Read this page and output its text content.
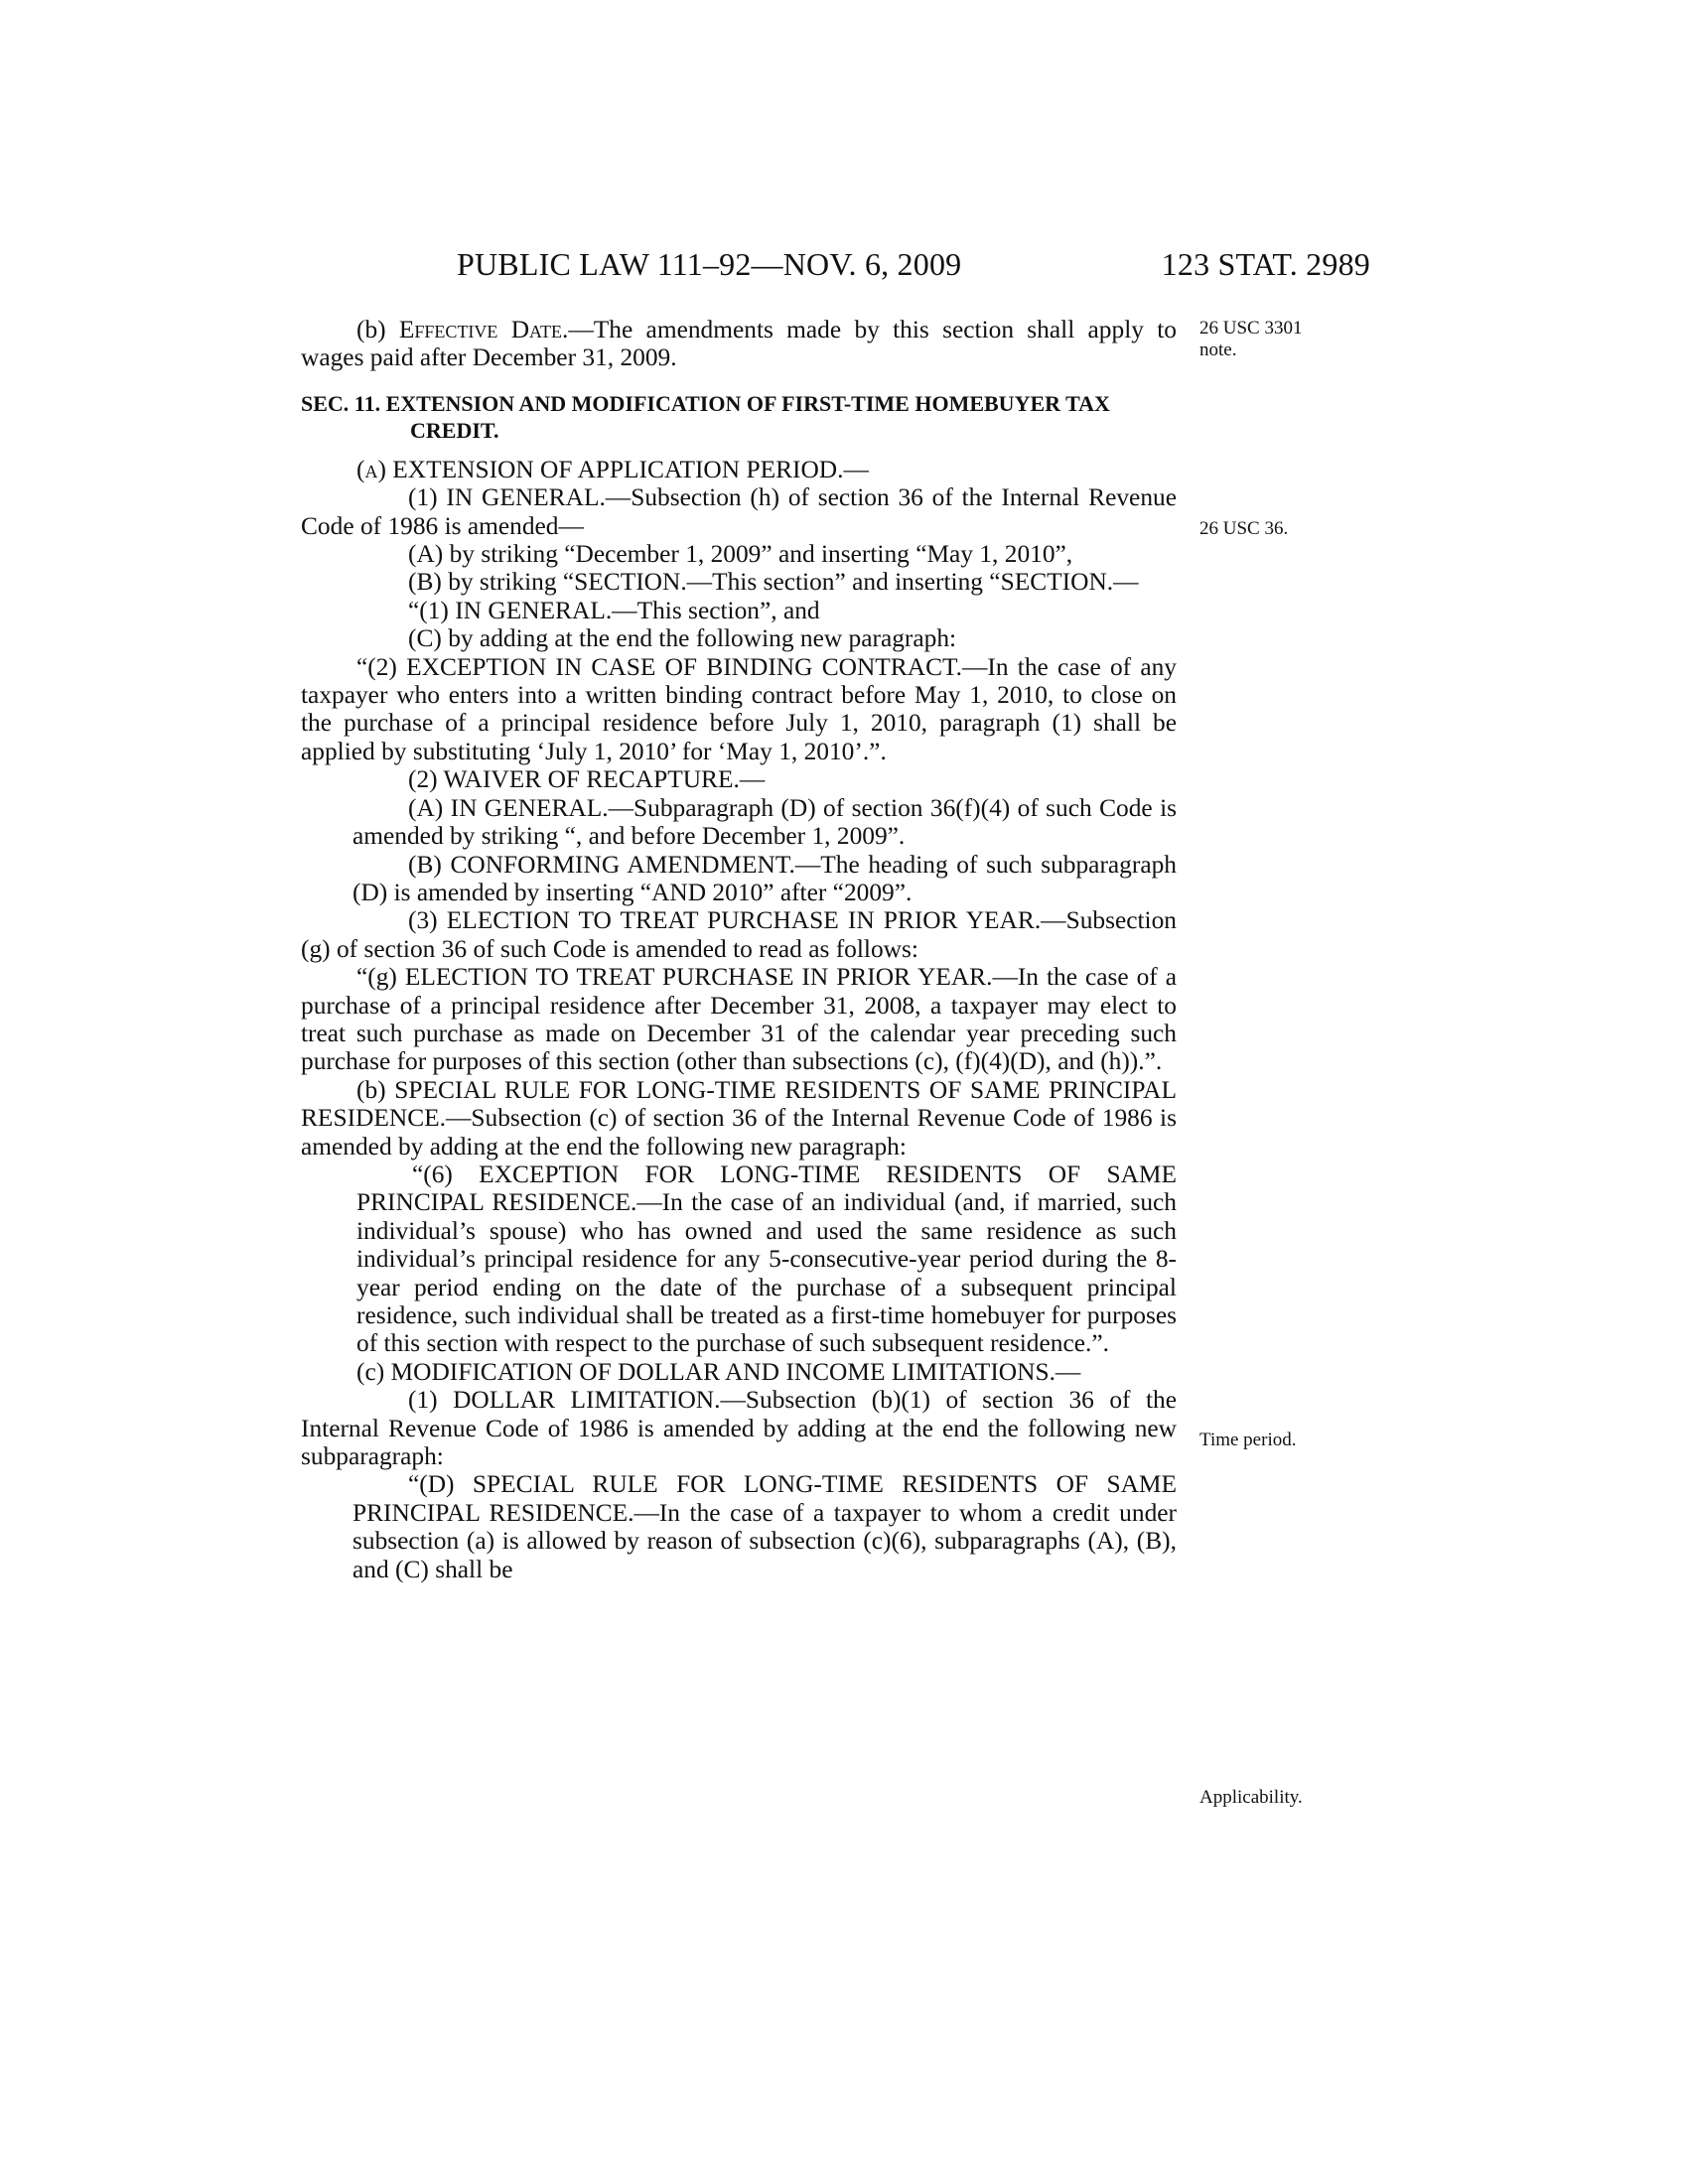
PUBLIC LAW 111–92—NOV. 6, 2009	123 STAT. 2989
26 USC 3301
note.
26 USC 36.
Time period.
Applicability.

(b) Effective Date.—The amendments made by this section shall apply to wages paid after December 31, 2009.

SEC. 11. EXTENSION AND MODIFICATION OF FIRST-TIME HOMEBUYER TAX CREDIT.

(a) EXTENSION OF APPLICATION PERIOD.—

(1) IN GENERAL.—Subsection (h) of section 36 of the Internal Revenue Code of 1986 is amended—

(A) by striking “December 1, 2009” and inserting “May 1, 2010”,

(B) by striking “SECTION.—This section” and inserting “SECTION.—

“(1) IN GENERAL.—This section”, and

(C) by adding at the end the following new paragraph:

“(2) EXCEPTION IN CASE OF BINDING CONTRACT.—In the case of any taxpayer who enters into a written binding contract before May 1, 2010, to close on the purchase of a principal residence before July 1, 2010, paragraph (1) shall be applied by substituting ‘July 1, 2010’ for ‘May 1, 2010’.”.

(2) WAIVER OF RECAPTURE.—

(A) IN GENERAL.—Subparagraph (D) of section 36(f)(4) of such Code is amended by striking “, and before December 1, 2009”.

(B) CONFORMING AMENDMENT.—The heading of such subparagraph (D) is amended by inserting “AND 2010” after “2009”.

(3) ELECTION TO TREAT PURCHASE IN PRIOR YEAR.—Subsection (g) of section 36 of such Code is amended to read as follows:

“(g) ELECTION TO TREAT PURCHASE IN PRIOR YEAR.—In the case of a purchase of a principal residence after December 31, 2008, a taxpayer may elect to treat such purchase as made on December 31 of the calendar year preceding such purchase for purposes of this section (other than subsections (c), (f)(4)(D), and (h)).”.

(b) SPECIAL RULE FOR LONG-TIME RESIDENTS OF SAME PRINCIPAL RESIDENCE.—Subsection (c) of section 36 of the Internal Revenue Code of 1986 is amended by adding at the end the following new paragraph:

“(6) EXCEPTION FOR LONG-TIME RESIDENTS OF SAME PRINCIPAL RESIDENCE.—In the case of an individual (and, if married, such individual’s spouse) who has owned and used the same residence as such individual’s principal residence for any 5-consecutive-year period during the 8-year period ending on the date of the purchase of a subsequent principal residence, such individual shall be treated as a first-time homebuyer for purposes of this section with respect to the purchase of such subsequent residence.”.

(c) MODIFICATION OF DOLLAR AND INCOME LIMITATIONS.—

(1) DOLLAR LIMITATION.—Subsection (b)(1) of section 36 of the Internal Revenue Code of 1986 is amended by adding at the end the following new subparagraph:

“(D) SPECIAL RULE FOR LONG-TIME RESIDENTS OF SAME PRINCIPAL RESIDENCE.—In the case of a taxpayer to whom a credit under subsection (a) is allowed by reason of subsection (c)(6), subparagraphs (A), (B), and (C) shall be
